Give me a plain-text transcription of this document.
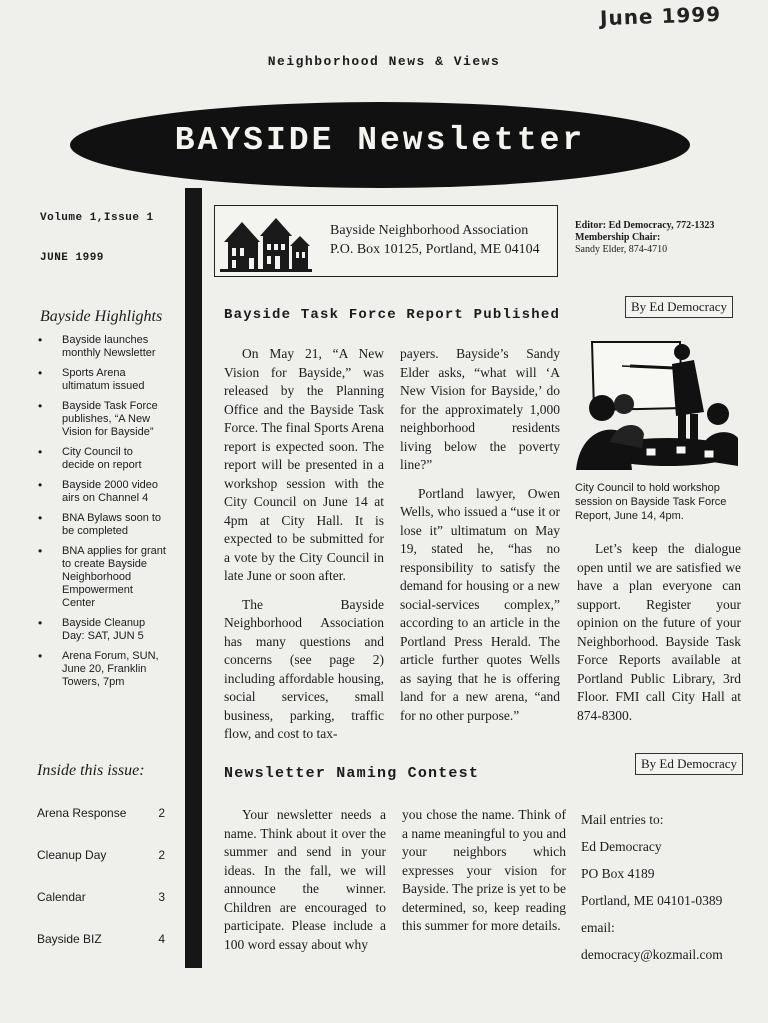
June 1999
Neighborhood News & Views
BAYSIDE Newsletter
Volume 1,Issue 1
JUNE 1999
Bayside Highlights
• Bayside launches monthly Newsletter
• Sports Arena ultimatum issued
• Bayside Task Force publishes, “A New Vision for Bayside”
• City Council to decide on report
• Bayside 2000 video airs on Channel 4
• BNA Bylaws soon to be completed
• BNA applies for grant to create Bayside Neighborhood Empowerment Center
• Bayside Cleanup Day: SAT, JUN 5
• Arena Forum, SUN, June 20, Franklin Towers, 7pm
Inside this issue:
Arena Response	2
Cleanup Day	2
Calendar	3
Bayside BIZ	4
Bayside Neighborhood Association
P.O. Box 10125, Portland, ME 04104
Editor: Ed Democracy, 772-1323
Membership Chair:
Sandy Elder, 874-4710
Bayside Task Force Report Published
By Ed Democracy

On May 21, “A New Vision for Bayside,” was released by the Planning Office and the Bayside Task Force. The final Sports Arena report is expected soon. The report will be presented in a workshop session with the City Council on June 14 at 4pm at City Hall. It is expected to be submitted for a vote by the City Council in late June or soon after.

The Bayside Neighborhood Association has many questions and concerns (see page 2) including affordable housing, social services, small business, parking, traffic flow, and cost to tax-

payers. Bayside’s Sandy Elder asks, “what will ‘A New Vision for Bayside,’ do for the approximately 1,000 neighborhood residents living below the poverty line?”

Portland lawyer, Owen Wells, who issued a “use it or lose it” ultimatum on May 19, stated he, “has no responsibility to satisfy the demand for housing or a new social-services complex,” according to an article in the Portland Press Herald. The article further quotes Wells as saying that he is offering land for a new arena, “and for no other purpose.”

City Council to hold workshop session on Bayside Task Force Report, June 14, 4pm.

Let’s keep the dialogue open until we are satisfied we have a plan everyone can support. Register your opinion on the future of your Neighborhood. Bayside Task Force Reports available at Portland Public Library, 3rd Floor. FMI call City Hall at 874-8300.

Newsletter Naming Contest
By Ed Democracy

Your newsletter needs a name. Think about it over the summer and send in your ideas. In the fall, we will announce the winner. Children are encouraged to participate. Please include a 100 word essay about why

you chose the name. Think of a name meaningful to you and your neighbors which expresses your vision for Bayside. The prize is yet to be determined, so, keep reading this summer for more details.

Mail entries to:
Ed Democracy
PO Box 4189
Portland, ME 04101-0389
email:
democracy@kozmail.com
